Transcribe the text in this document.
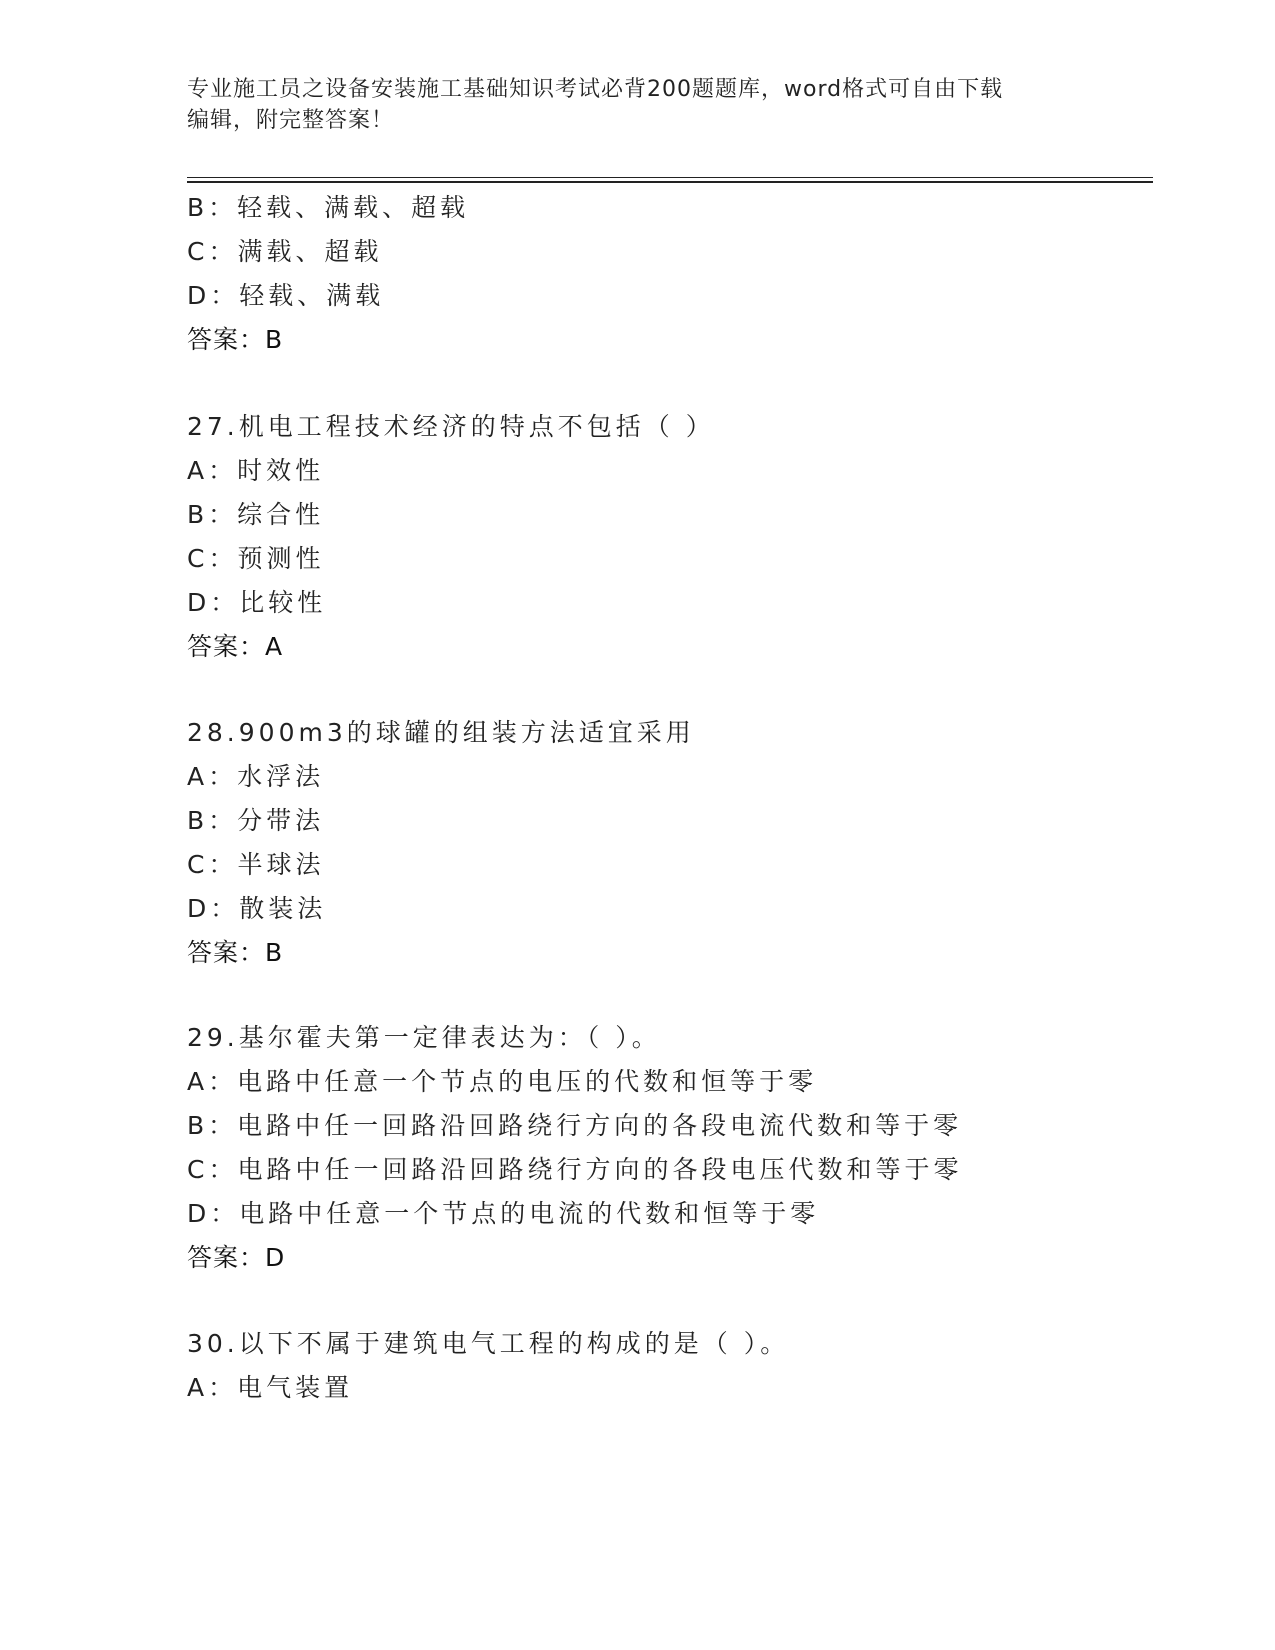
专业施工员之设备安装施工基础知识考试必背200题题库，word格式可自由下载
编辑，附完整答案！
B：轻载、满载、超载
C：满载、超载
D：轻载、满载
答案：B
27.机电工程技术经济的特点不包括（ ）
A：时效性
B：综合性
C：预测性
D：比较性
答案：A
28.900m3的球罐的组装方法适宜采用
A：水浮法
B：分带法
C：半球法
D：散装法
答案：B
29.基尔霍夫第一定律表达为：（ ）。
A：电路中任意一个节点的电压的代数和恒等于零
B：电路中任一回路沿回路绕行方向的各段电流代数和等于零
C：电路中任一回路沿回路绕行方向的各段电压代数和等于零
D：电路中任意一个节点的电流的代数和恒等于零
答案：D
30.以下不属于建筑电气工程的构成的是（ ）。
A：电气装置
